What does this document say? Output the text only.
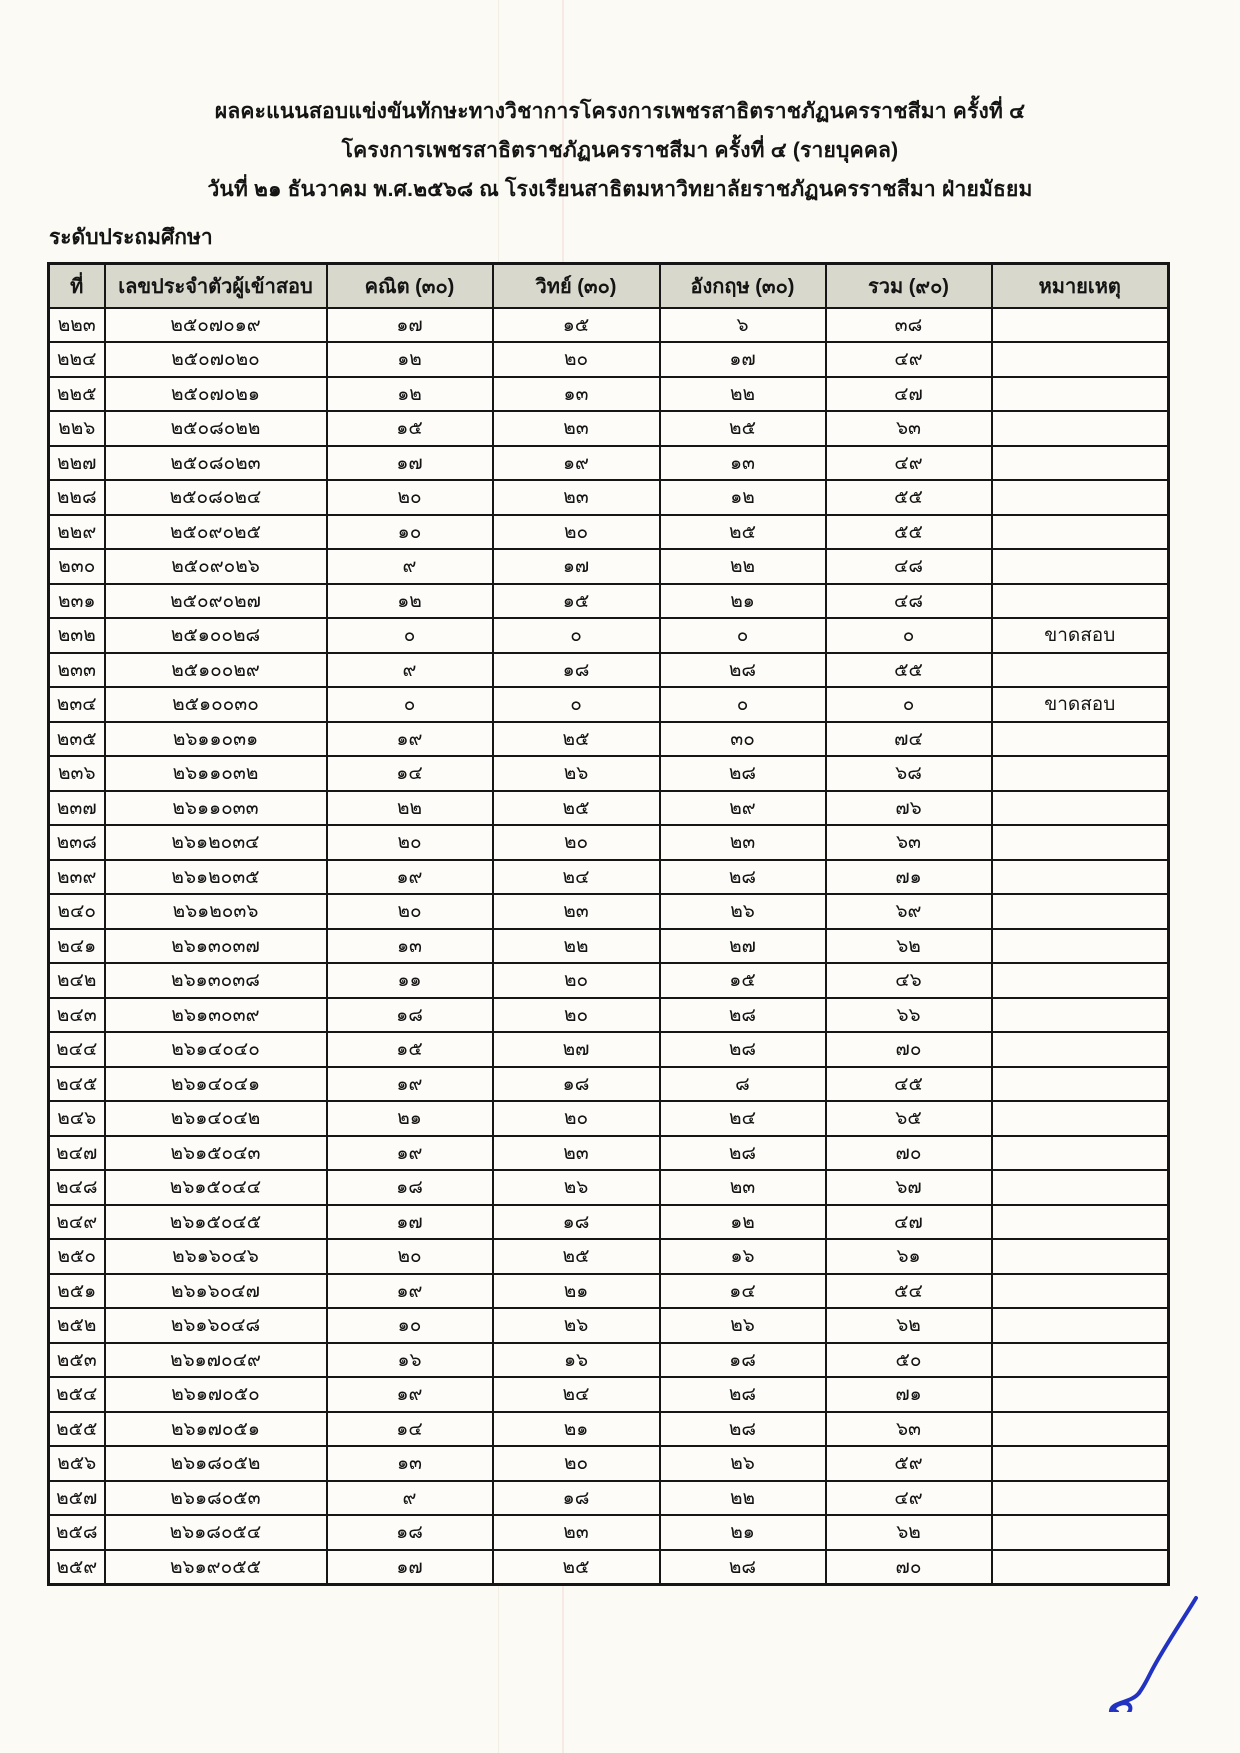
ผลคะแนนสอบแข่งขันทักษะทางวิชาการโครงการเพชรสาธิตราชภัฏนครราชสีมา ครั้งที่ ๔
โครงการเพชรสาธิตราชภัฏนครราชสีมา ครั้งที่ ๔ (รายบุคคล)
วันที่ ๒๑ ธันวาคม พ.ศ.๒๕๖๘ ณ โรงเรียนสาธิตมหาวิทยาลัยราชภัฏนครราชสีมา ฝ่ายมัธยม
ระดับประถมศึกษา
ที่	เลขประจำตัวผู้เข้าสอบ	คณิต (๓๐)	วิทย์ (๓๐)	อังกฤษ (๓๐)	รวม (๙๐)	หมายเหตุ
๒๒๓	๒๕๐๗๐๑๙	๑๗	๑๕	๖	๓๘	
๒๒๔	๒๕๐๗๐๒๐	๑๒	๒๐	๑๗	๔๙	
๒๒๕	๒๕๐๗๐๒๑	๑๒	๑๓	๒๒	๔๗	
๒๒๖	๒๕๐๘๐๒๒	๑๕	๒๓	๒๕	๖๓	
๒๒๗	๒๕๐๘๐๒๓	๑๗	๑๙	๑๓	๔๙	
๒๒๘	๒๕๐๘๐๒๔	๒๐	๒๓	๑๒	๕๕	
๒๒๙	๒๕๐๙๐๒๕	๑๐	๒๐	๒๕	๕๕	
๒๓๐	๒๕๐๙๐๒๖	๙	๑๗	๒๒	๔๘	
๒๓๑	๒๕๐๙๐๒๗	๑๒	๑๕	๒๑	๔๘	
๒๓๒	๒๕๑๐๐๒๘	๐	๐	๐	๐	ขาดสอบ
๒๓๓	๒๕๑๐๐๒๙	๙	๑๘	๒๘	๕๕	
๒๓๔	๒๕๑๐๐๓๐	๐	๐	๐	๐	ขาดสอบ
๒๓๕	๒๖๑๑๐๓๑	๑๙	๒๕	๓๐	๗๔	
๒๓๖	๒๖๑๑๐๓๒	๑๔	๒๖	๒๘	๖๘	
๒๓๗	๒๖๑๑๐๓๓	๒๒	๒๕	๒๙	๗๖	
๒๓๘	๒๖๑๒๐๓๔	๒๐	๒๐	๒๓	๖๓	
๒๓๙	๒๖๑๒๐๓๕	๑๙	๒๔	๒๘	๗๑	
๒๔๐	๒๖๑๒๐๓๖	๒๐	๒๓	๒๖	๖๙	
๒๔๑	๒๖๑๓๐๓๗	๑๓	๒๒	๒๗	๖๒	
๒๔๒	๒๖๑๓๐๓๘	๑๑	๒๐	๑๕	๔๖	
๒๔๓	๒๖๑๓๐๓๙	๑๘	๒๐	๒๘	๖๖	
๒๔๔	๒๖๑๔๐๔๐	๑๕	๒๗	๒๘	๗๐	
๒๔๕	๒๖๑๔๐๔๑	๑๙	๑๘	๘	๔๕	
๒๔๖	๒๖๑๔๐๔๒	๒๑	๒๐	๒๔	๖๕	
๒๔๗	๒๖๑๕๐๔๓	๑๙	๒๓	๒๘	๗๐	
๒๔๘	๒๖๑๕๐๔๔	๑๘	๒๖	๒๓	๖๗	
๒๔๙	๒๖๑๕๐๔๕	๑๗	๑๘	๑๒	๔๗	
๒๕๐	๒๖๑๖๐๔๖	๒๐	๒๕	๑๖	๖๑	
๒๕๑	๒๖๑๖๐๔๗	๑๙	๒๑	๑๔	๕๔	
๒๕๒	๒๖๑๖๐๔๘	๑๐	๒๖	๒๖	๖๒	
๒๕๓	๒๖๑๗๐๔๙	๑๖	๑๖	๑๘	๕๐	
๒๕๔	๒๖๑๗๐๕๐	๑๙	๒๔	๒๘	๗๑	
๒๕๕	๒๖๑๗๐๕๑	๑๔	๒๑	๒๘	๖๓	
๒๕๖	๒๖๑๘๐๕๒	๑๓	๒๐	๒๖	๕๙	
๒๕๗	๒๖๑๘๐๕๓	๙	๑๘	๒๒	๔๙	
๒๕๘	๒๖๑๘๐๕๔	๑๘	๒๓	๒๑	๖๒	
๒๕๙	๒๖๑๙๐๕๕	๑๗	๒๕	๒๘	๗๐	
